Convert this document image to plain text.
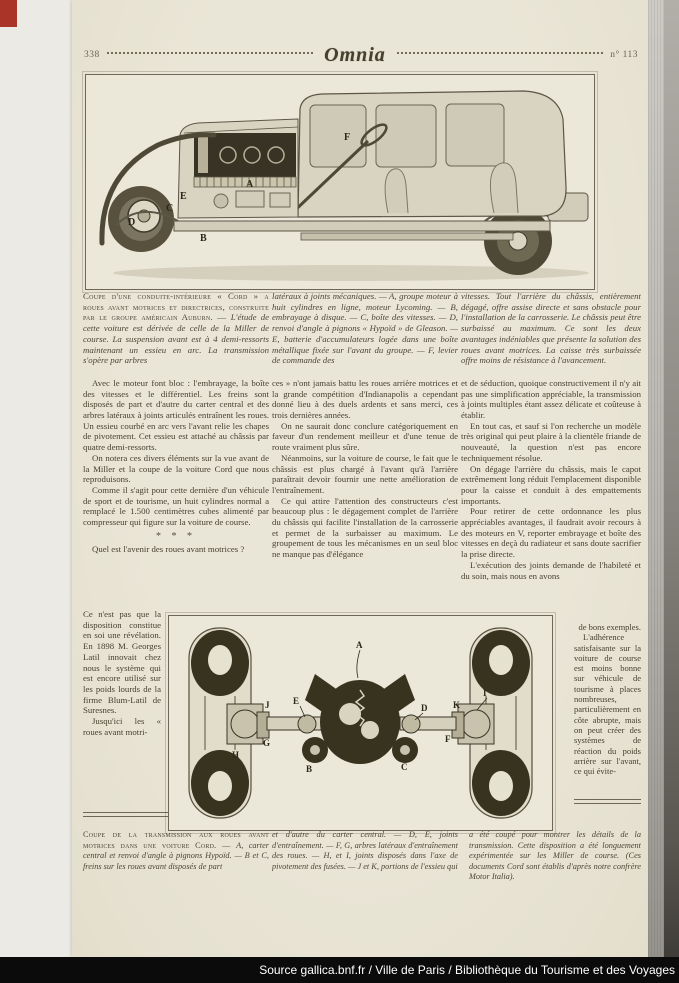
338	Omnia	n° 113
A
B
C
D
E
F

Coupe d'une conduite-intérieure « Cord » a roues avant motrices et directrices, construite par le groupe américain Auburn. — L'étude de cette voiture est dérivée de celle de la Miller de course. La suspension avant est à 4 demi-ressorts maintenant un essieu en arc. La transmission s'opère par arbres

Avec le moteur font bloc : l'embrayage, la boîte des vitesses et le différentiel. Les freins sont disposés de part et d'autre du carter central et des arbres latéraux à joints articulés entraînent les roues. Un essieu courbé en arc vers l'avant relie les chapes de pivotement. Cet essieu est attaché au châssis par quatre demi-ressorts.

On notera ces divers éléments sur la vue avant de la Miller et la coupe de la voiture Cord que nous reproduisons.

Comme il s'agit pour cette dernière d'un véhicule de sport et de tourisme, un huit cylindres normal a remplacé le 1.500 centimètres cubes alimenté par compresseur qui figure sur la voiture de course.

* * *

Quel est l'avenir des roues avant motrices ?

Ce n'est pas que la disposition constitue en soi une révélation. En 1898 M. Georges Latil innovait chez nous le système qui est encore utilisé sur les poids lourds de la firme Blum-Latil de Suresnes.

Jusqu'ici les « roues avant motri-

latéraux à joints mécaniques. — A, groupe moteur à huit cylindres en ligne, moteur Lycoming. — B, embrayage à disque. — C, boîte des vitesses. — D, renvoi d'angle à pignons « Hypoïd » de Gleason. — E, batterie d'accumulateurs logée dans une boîte métallique fixée sur l'avant du groupe. — F, levier de commande des

ces » n'ont jamais battu les roues arrière motrices et la grande compétition d'Indianapolis a cependant donné lieu à des duels ardents et sans merci, ces trois dernières années.

On ne saurait donc conclure catégoriquement en faveur d'un rendement meilleur et d'une tenue de route vraiment plus sûre.

Néanmoins, sur la voiture de course, le fait que le châssis est plus chargé à l'avant qu'à l'arrière paraîtrait devoir fournir une nette amélioration de l'entraînement.

Ce qui attire l'attention des constructeurs c'est beaucoup plus : le dégagement complet de l'arrière du châssis qui facilite l'installation de la carrosserie et permet de la surbaisser au maximum. Le groupement de tous les mécanismes en un seul bloc ne manque pas d'élégance

vitesses. Tout l'arrière du châssis, entièrement dégagé, offre assise directe et sans obstacle pour l'installation de la carrosserie. Le châssis peut être surbaissé au maximum. Ce sont les deux avantages indéniables que présente la solution des roues avant motrices. La caisse très surbaissée offre moins de résistance à l'avancement.

et de séduction, quoique constructivement il n'y ait pas une simplification appréciable, la transmission à joints multiples étant assez délicate et coûteuse à établir.

En tout cas, et sauf si l'on recherche un modèle très original qui peut plaire à la clientèle friande de nouveauté, la question n'est pas encore techniquement résolue.

On dégage l'arrière du châssis, mais le capot extrêmement long réduit l'emplacement disponible pour la caisse et conduit à des empattements importants.

Pour retirer de cette ordonnance les plus appréciables avantages, il faudrait avoir recours à des moteurs en V, reporter embrayage et boîte des vitesses en deçà du radiateur et sans doute sacrifier la prise directe.

L'exécution des joints demande de l'habileté et du soin, mais nous en avons

de bons exemples.

L'adhérence satisfaisante sur la voiture de course est moins bonne sur véhicule de tourisme à places nombreuses, particulièrement en côte abrupte, mais on peut créer des systèmes de réaction du poids arrière sur l'avant, ce qui évite-

A
B	C
D
E
F
G
H
I
J	K
Coupe de la transmission aux roues avant motrices dans une voiture Cord. — A, carter central et renvoi d'angle à pignons Hypoïd. — B et C, freins sur les roues avant disposés de part
et d'autre du carter central. — D, E, joints d'entraînement. — F, G, arbres latéraux d'entraînement des roues. — H, et I, joints disposés dans l'axe de pivotement des fusées. — J et K, portions de l'essieu qui
a été coupé pour montrer les détails de la transmission. Cette disposition a été longuement expérimentée sur les Miller de course. (Ces documents Cord sont établis d'après notre confrère Motor Italia).
Source gallica.bnf.fr / Ville de Paris / Bibliothèque du Tourisme et des Voyages
